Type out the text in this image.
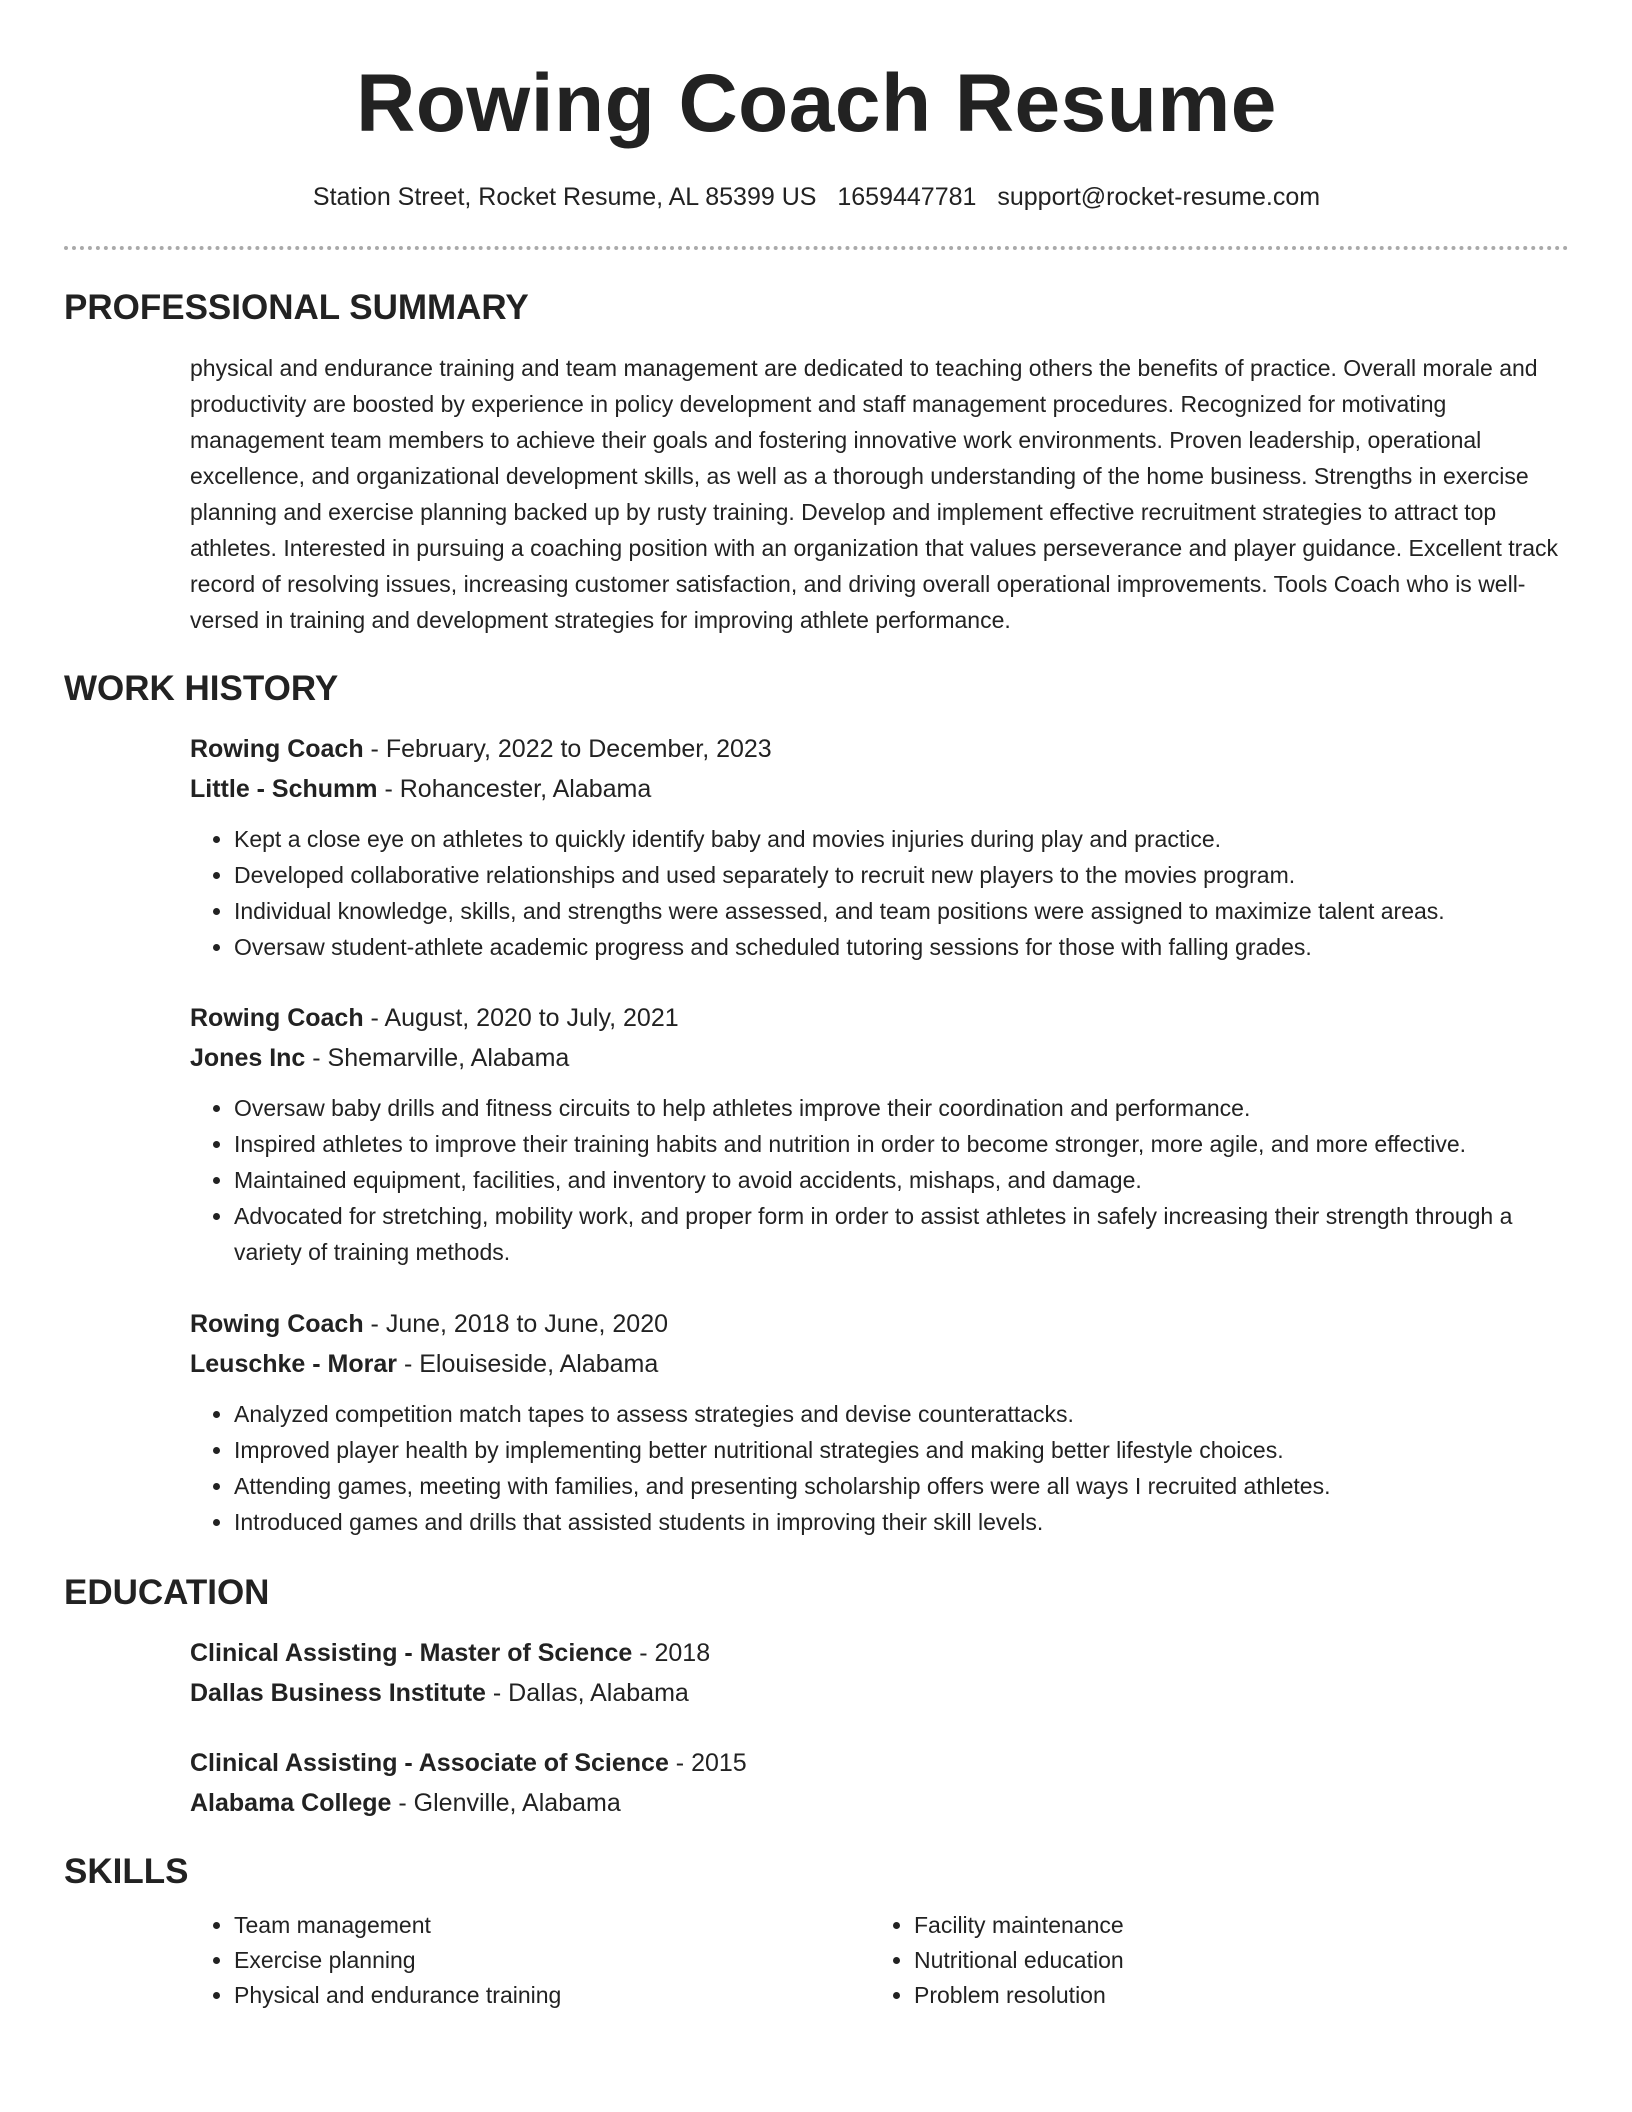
Rowing Coach Resume
Station Street, Rocket Resume, AL 85399 US 1659447781 support@rocket-resume.com
PROFESSIONAL SUMMARY

physical and endurance training and team management are dedicated to teaching others the benefits of practice. Overall morale and productivity are boosted by experience in policy development and staff management procedures. Recognized for motivating management team members to achieve their goals and fostering innovative work environments. Proven leadership, operational excellence, and organizational development skills, as well as a thorough understanding of the home business. Strengths in exercise planning and exercise planning backed up by rusty training. Develop and implement effective recruitment strategies to attract top athletes. Interested in pursuing a coaching position with an organization that values perseverance and player guidance. Excellent track record of resolving issues, increasing customer satisfaction, and driving overall operational improvements. Tools Coach who is well-versed in training and development strategies for improving athlete performance.

WORK HISTORY
Rowing Coach - February, 2022 to December, 2023
Little - Schumm - Rohancester, Alabama
• Kept a close eye on athletes to quickly identify baby and movies injuries during play and practice.
• Developed collaborative relationships and used separately to recruit new players to the movies program.
• Individual knowledge, skills, and strengths were assessed, and team positions were assigned to maximize talent areas.
• Oversaw student-athlete academic progress and scheduled tutoring sessions for those with falling grades.
Rowing Coach - August, 2020 to July, 2021
Jones Inc - Shemarville, Alabama
• Oversaw baby drills and fitness circuits to help athletes improve their coordination and performance.
• Inspired athletes to improve their training habits and nutrition in order to become stronger, more agile, and more effective.
• Maintained equipment, facilities, and inventory to avoid accidents, mishaps, and damage.
• Advocated for stretching, mobility work, and proper form in order to assist athletes in safely increasing their strength through a variety of training methods.
Rowing Coach - June, 2018 to June, 2020
Leuschke - Morar - Elouiseside, Alabama
• Analyzed competition match tapes to assess strategies and devise counterattacks.
• Improved player health by implementing better nutritional strategies and making better lifestyle choices.
• Attending games, meeting with families, and presenting scholarship offers were all ways I recruited athletes.
• Introduced games and drills that assisted students in improving their skill levels.
EDUCATION
Clinical Assisting - Master of Science - 2018
Dallas Business Institute - Dallas, Alabama
Clinical Assisting - Associate of Science - 2015
Alabama College - Glenville, Alabama
SKILLS
• Team management
• Exercise planning
• Physical and endurance training
• Facility maintenance
• Nutritional education
• Problem resolution
